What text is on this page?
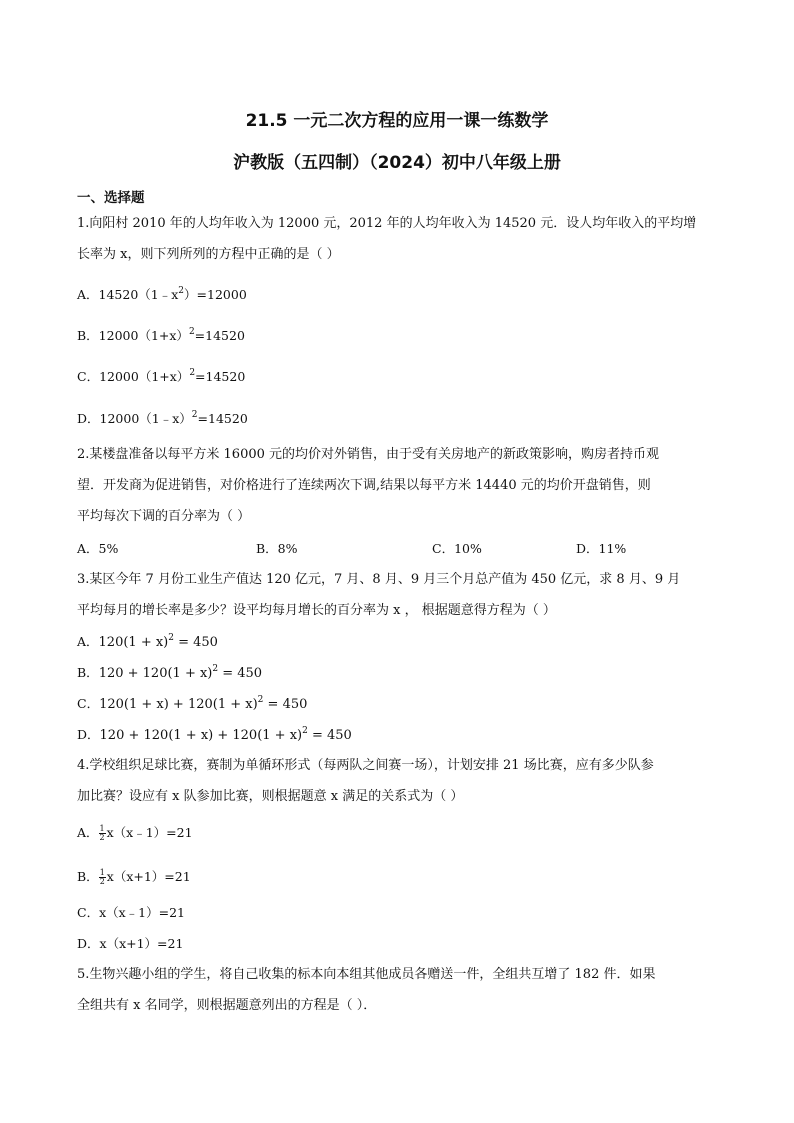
21.5 一元二次方程的应用一课一练数学
沪教版（五四制）（2024）初中八年级上册
一、选择题
1.向阳村 2010 年的人均年收入为 12000 元，2012 年的人均年收入为 14520 元．设人均年收入的平均增
长率为 x，则下列所列的方程中正确的是（ ）
A．$14520(1﹣x^2)=12000$
B．$12000(1+x)^2=14520$
C．$12000(1+x)^2=14520$
D．12000（1﹣x）$^2$=14520
2.某楼盘准备以每平方米 16000 元的均价对外销售，由于受有关房地产的新政策影响，购房者持币观
望．开发商为促进销售，对价格进行了连续两次下调,结果以每平方米 14440 元的均价开盘销售，则
平均每次下调的百分率为（ ）
A．5%	B．8%	C．10%	D．11%
3.某区今年 7 月份工业生产值达 120 亿元，7 月、8 月、9 月三个月总产值为 450 亿元，求 8 月、9 月
平均每月的增长率是多少？设平均每月增长的百分率为 x ， 根据题意得方程为（ ）
A．$120(1 + x)^2 = 450$
B．$120 + 120(1 + x)^2 = 450$
C．$120(1 + x) + 120(1 + x)^2 = 450$
D．$120 + 120(1 + x) + 120(1 + x)^2 = 450$
4.学校组织足球比赛，赛制为单循环形式（每两队之间赛一场），计划安排 21 场比赛，应有多少队参
加比赛？设应有 x 队参加比赛，则根据题意 x 满足的关系式为（ ）
A． $\frac{1}{2}$ x（x﹣1）=21
B． $\frac{1}{2} x(x+1)=21$
C．x（x﹣1）=21
D．x（x+1）=21
5.生物兴趣小组的学生，将自己收集的标本向本组其他成员各赠送一件，全组共互增了 182 件．如果
全组共有 x 名同学，则根据题意列出的方程是（ ）．
